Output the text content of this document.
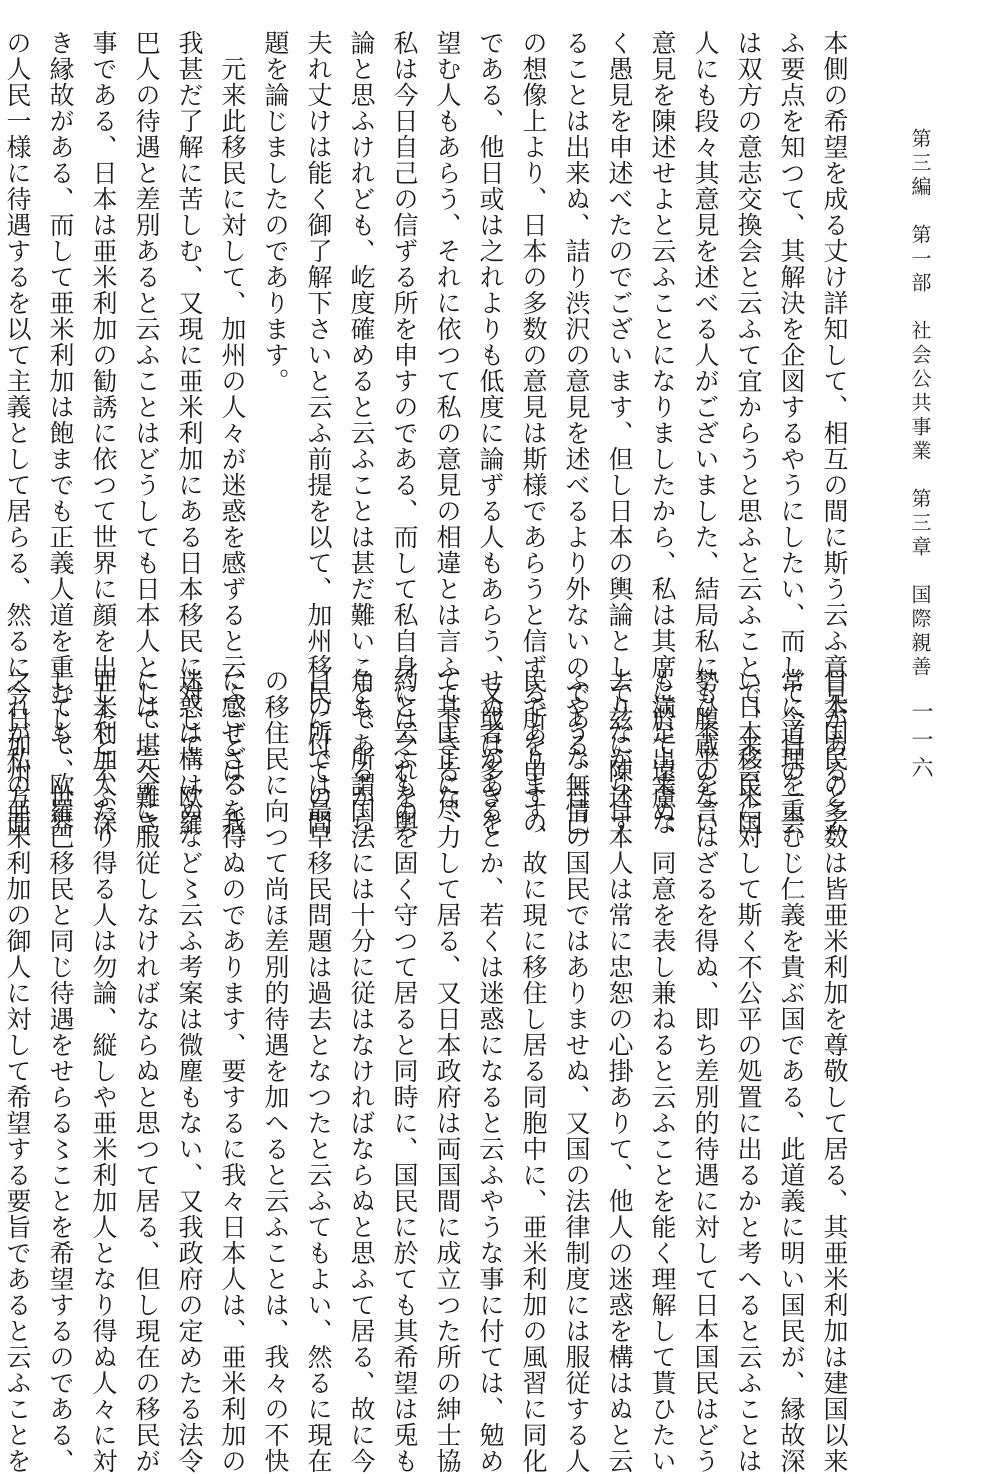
第三編　第一部　社会公共事業　第三章　国際親善
一一六

本側の希望を成る丈け詳知して、相互の間に斯う云ふ意見があると云

ふ要点を知つて、其解決を企図するやうにしたい、而して今日の一会

は双方の意志交換会と云ふて宜からうと思ふと云ふことで、来会米国

人にも段々其意見を述べる人がございました、結局私にも腹蔵のない

意見を陳述せよと云ふことになりましたから、私は其席に於て遠慮な

く愚見を申述べたのでございます、但し日本の輿論として玆に陳述す

ることは出来ぬ、詰り渋沢の意見を述べるより外ないのである、自己

の想像上より、日本の多数の意見は斯様であらうと信ずる所を申すの

である、他日或は之れよりも低度に論ずる人もあらう、又或は多きを

望む人もあらう、それに依つて私の意見の相違とは言ふて下さるな、

私は今日自己の信ずる所を申すのである、而して私自身には之れを輿

論と思ふけれども、屹度確めると云ふことは甚だ難いことであるから

夫れ丈けは能く御了解下さいと云ふ前提を以て、加州移民に付ての問

題を論じましたのであります。

　元来此移民に対して、加州の人々が迷惑を感ずると云ふことは、我

我甚だ了解に苦しむ、又現に亜米利加にある日本移民に対して、欧羅

巴人の待遇と差別あると云ふことはどうしても日本人として堪へ難き

事である、日本は亜米利加の勧誘に依つて世界に顔を出したと云ふ深

き縁故がある、而して亜米利加は飽までも正義人道を重むじて、世界

の人民一様に待遇するを以て主義として居らる、然るに今日加州方面

日本国民の多数は皆亜米利加を尊敬して居る、其亜米利加は建国以来

常に道理を重むじ仁義を貴ぶ国である、此道義に明い国民が、縁故深

い日本移民に対して斯く不公平の処置に出るかと考へると云ふことは

勢ひ不平を言はざるを得ぬ、即ち差別的待遇に対して日本国民はどう

も満足出来ぬ、同意を表し兼ねると云ふことを能く理解して貰ひたい

去りながら日本人は常に忠恕の心掛ありて、他人の迷惑を構はぬと云

ふやうな無情の国民ではありませぬ、又国の法律制度には服従する人

民であります、故に現に移住し居る同胞中に、亜米利加の風習に同化

せぬ者があるとか、若くは迷惑になると云ふやうな事に付ては、勉め

て其匡正に尽力して居る、又日本政府は両国間に成立つた所の紳士協

約と云ふものを固く守つて居ると同時に、国民に於ても其希望は兎も

角も、所謂国法には十分に従はなければならぬと思ふて居る、故に今

日の所では最早移民問題は過去となつたと云ふてもよい、然るに現在

の移住民に向つて尚ほ差別的待遇を加へると云ふことは、我々の不快

に感ぜざるを得ぬのであります、要するに我々日本人は、亜米利加の

迷惑は構はぬなど〻云ふ考案は微塵もない、又我政府の定めたる法令

には、完全に服従しなければならぬと思つて居る、但し現在の移民が

亜米利加人たり得る人は勿論、縦しや亜米利加人となり得ぬ人々に対

しても、欧羅巴移民と同じ待遇をせらる〻ことを希望するのである、

之れが私の亜米利加の御人に対して希望する要旨であると云ふことを
